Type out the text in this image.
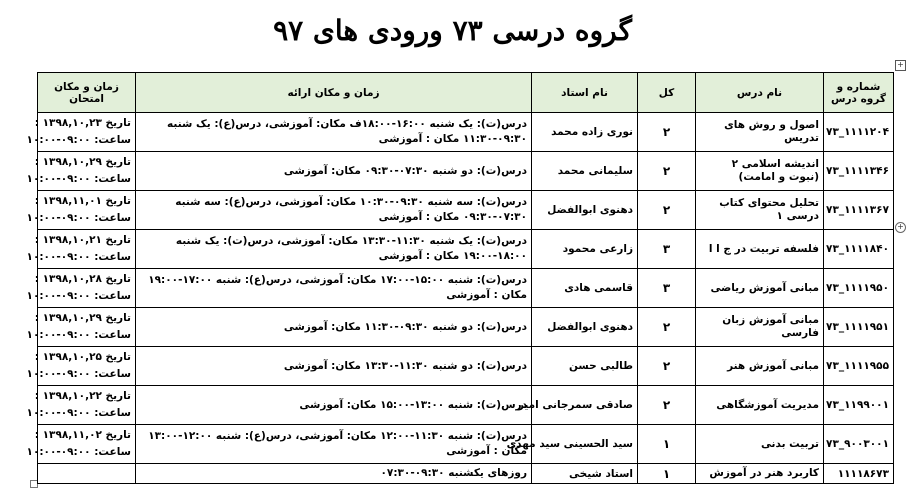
گروه درسی ۷۳ ورودی های ۹۷
+
+
شماره و گروه درس	نام درس	کل	نام استاد	زمان و مکان ارائه	زمان و مکان امتحان
۱۱۱۱۲۰۴_۷۳	اصول و روش های تدریس	۲	نوری زاده محمد	درس(ت): یک شنبه ۱۶:۰۰-۱۸:۰۰ف مکان: آموزشی، درس(ع): یک شنبه ۰۹:۳۰-۱۱:۳۰ مکان : آموزشی	تاریخ ۱۳۹۸,۱۰,۲۳ :
ساعت: ۰۹:۰۰-۱۰:۰۰

۱۱۱۱۳۴۶_۷۳	اندیشه اسلامی ۲ (نبوت و امامت)	۲	سلیمانی محمد	درس(ت): دو شنبه ۰۷:۳۰-۰۹:۳۰ مکان: آموزشی	تاریخ ۱۳۹۸,۱۰,۲۹ :
ساعت: ۰۹:۰۰-۱۰:۰۰

۱۱۱۱۳۶۷_۷۳	تحلیل محتوای کتاب درسی ۱	۲	دهنوی ابوالفضل	درس(ت): سه شنبه ۰۹:۳۰-۱۰:۳۰ مکان: آموزشی، درس(ع): سه شنبه ۰۷:۳۰-۰۹:۳۰ مکان : آموزشی	تاریخ ۱۳۹۸,۱۱,۰۱ :
ساعت: ۰۹:۰۰-۱۰:۰۰

۱۱۱۱۸۴۰_۷۳	فلسفه تربیت در ج ا ا	۳	زارعی محمود	درس(ت): یک شنبه ۱۱:۳۰-۱۳:۳۰ مکان: آموزشی، درس(ت): یک شنبه ۱۸:۰۰-۱۹:۰۰ مکان : آموزشی	تاریخ ۱۳۹۸,۱۰,۲۱ :
ساعت: ۰۹:۰۰-۱۰:۰۰

۱۱۱۱۹۵۰_۷۳	مبانی آموزش ریاضی	۳	قاسمی هادی	درس(ت): شنبه ۱۵:۰۰-۱۷:۰۰ مکان: آموزشی، درس(ع): شنبه ۱۷:۰۰-۱۹:۰۰ مکان : آموزشی	تاریخ ۱۳۹۸,۱۰,۲۸ :
ساعت: ۰۹:۰۰-۱۰:۰۰

۱۱۱۱۹۵۱_۷۳	مبانی آموزش زبان فارسی	۲	دهنوی ابوالفضل	درس(ت): دو شنبه ۰۹:۳۰-۱۱:۳۰ مکان: آموزشی	تاریخ ۱۳۹۸,۱۰,۲۹ :
ساعت: ۰۹:۰۰-۱۰:۰۰

۱۱۱۱۹۵۵_۷۳	مبانی آموزش هنر	۲	طالبی حسن	درس(ت): دو شنبه ۱۱:۳۰-۱۳:۳۰ مکان: آموزشی	تاریخ ۱۳۹۸,۱۰,۲۵ :
ساعت: ۰۹:۰۰-۱۰:۰۰

۱۱۹۹۰۰۱_۷۳	مدیریت آموزشگاهی	۲	صادقی سمرجانی امیر	درس(ت): شنبه ۱۳:۰۰-۱۵:۰۰ مکان: آموزشی	تاریخ ۱۳۹۸,۱۰,۲۲ :
ساعت: ۰۹:۰۰-۱۰:۰۰

۹۰۰۳۰۰۱_۷۳	تربیت بدنی	۱	سید الحسینی سید مهدی	درس(ت): شنبه ۱۱:۳۰-۱۲:۰۰ مکان: آموزشی، درس(ع): شنبه ۱۲:۰۰-۱۳:۰۰ مکان : آموزشی	تاریخ ۱۳۹۸,۱۱,۰۲ :
ساعت: ۰۹:۰۰-۱۰:۰۰

۱۱۱۱۸۶۷۳	کاربرد هنر در آموزش	۱	استاد شیخی	روزهای یکشنبه ۰۹:۳۰-۰۷:۳۰	
